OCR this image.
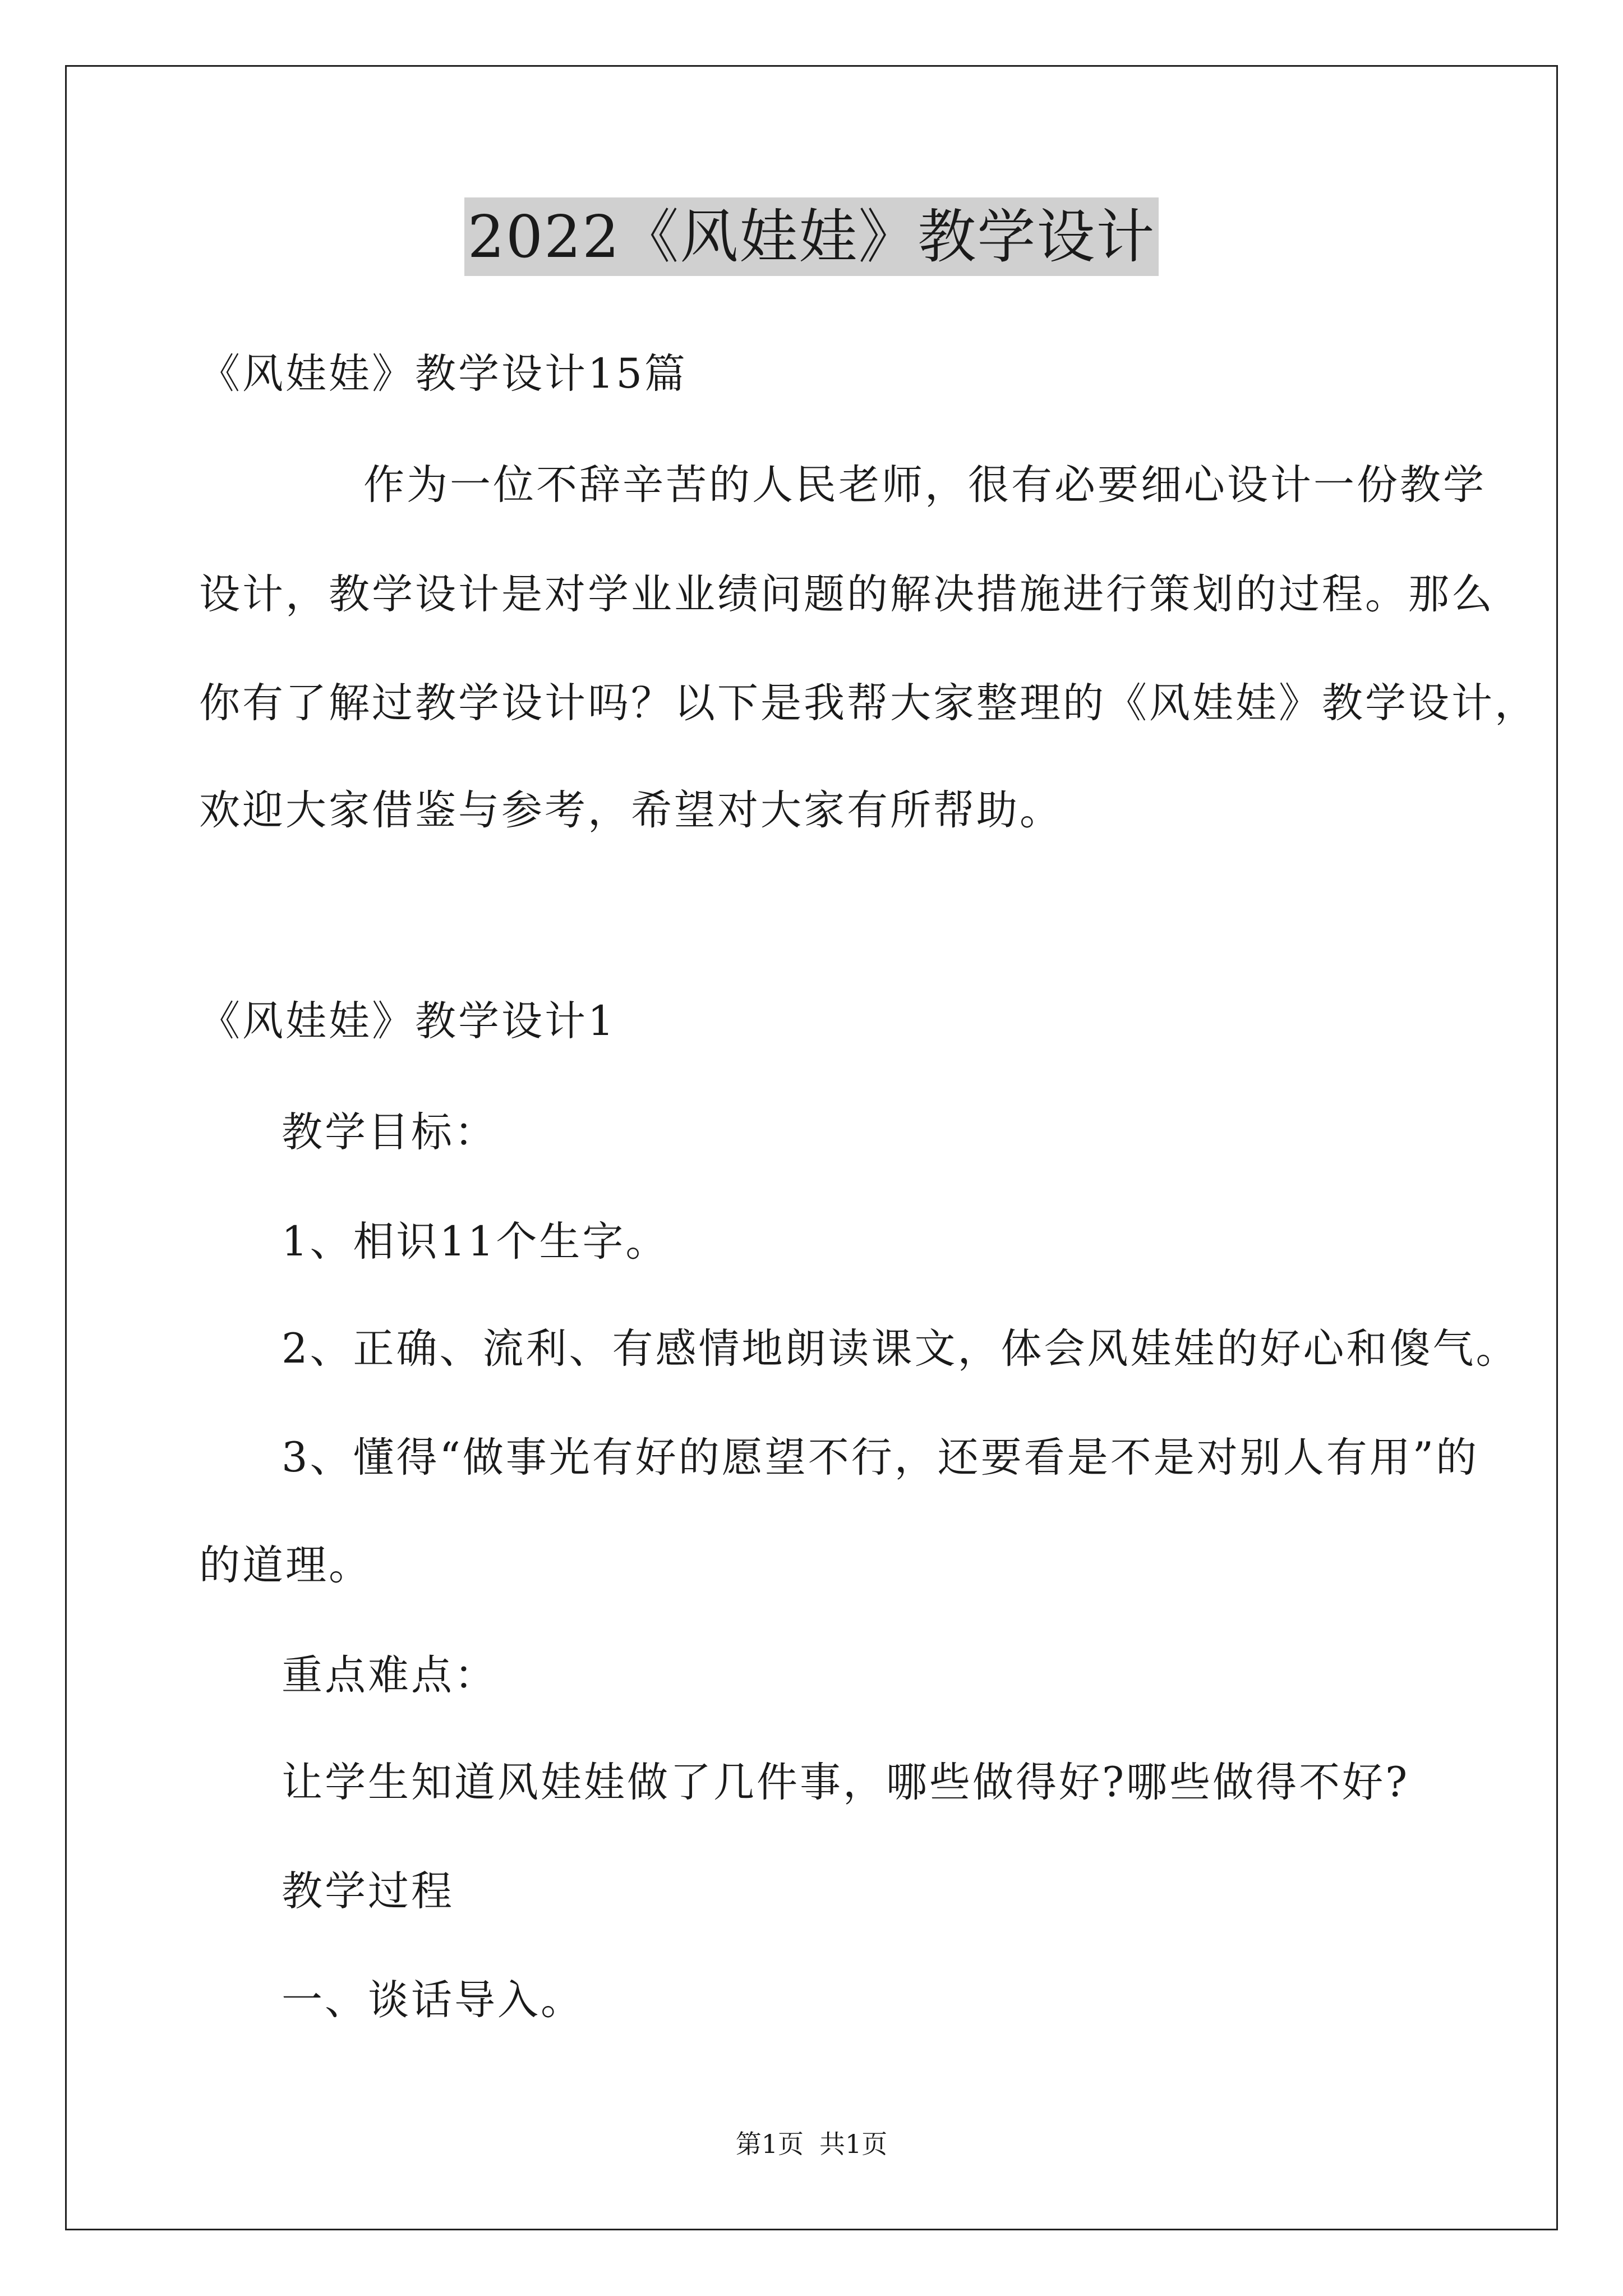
2022《风娃娃》教学设计
《风娃娃》教学设计15篇
作为一位不辞辛苦的人民老师，很有必要细心设计一份教学
设计，教学设计是对学业业绩问题的解决措施进行策划的过程。那么
你有了解过教学设计吗？以下是我帮大家整理的《风娃娃》教学设计，
欢迎大家借鉴与参考，希望对大家有所帮助。
《风娃娃》教学设计1
教学目标：
1、相识11个生字。
2、正确、流利、有感情地朗读课文，体会风娃娃的好心和傻气。
3、懂得“做事光有好的愿望不行，还要看是不是对别人有用”的
的道理。
重点难点：
让学生知道风娃娃做了几件事，哪些做得好?哪些做得不好?
教学过程
一、谈话导入。
第1页 共1页
